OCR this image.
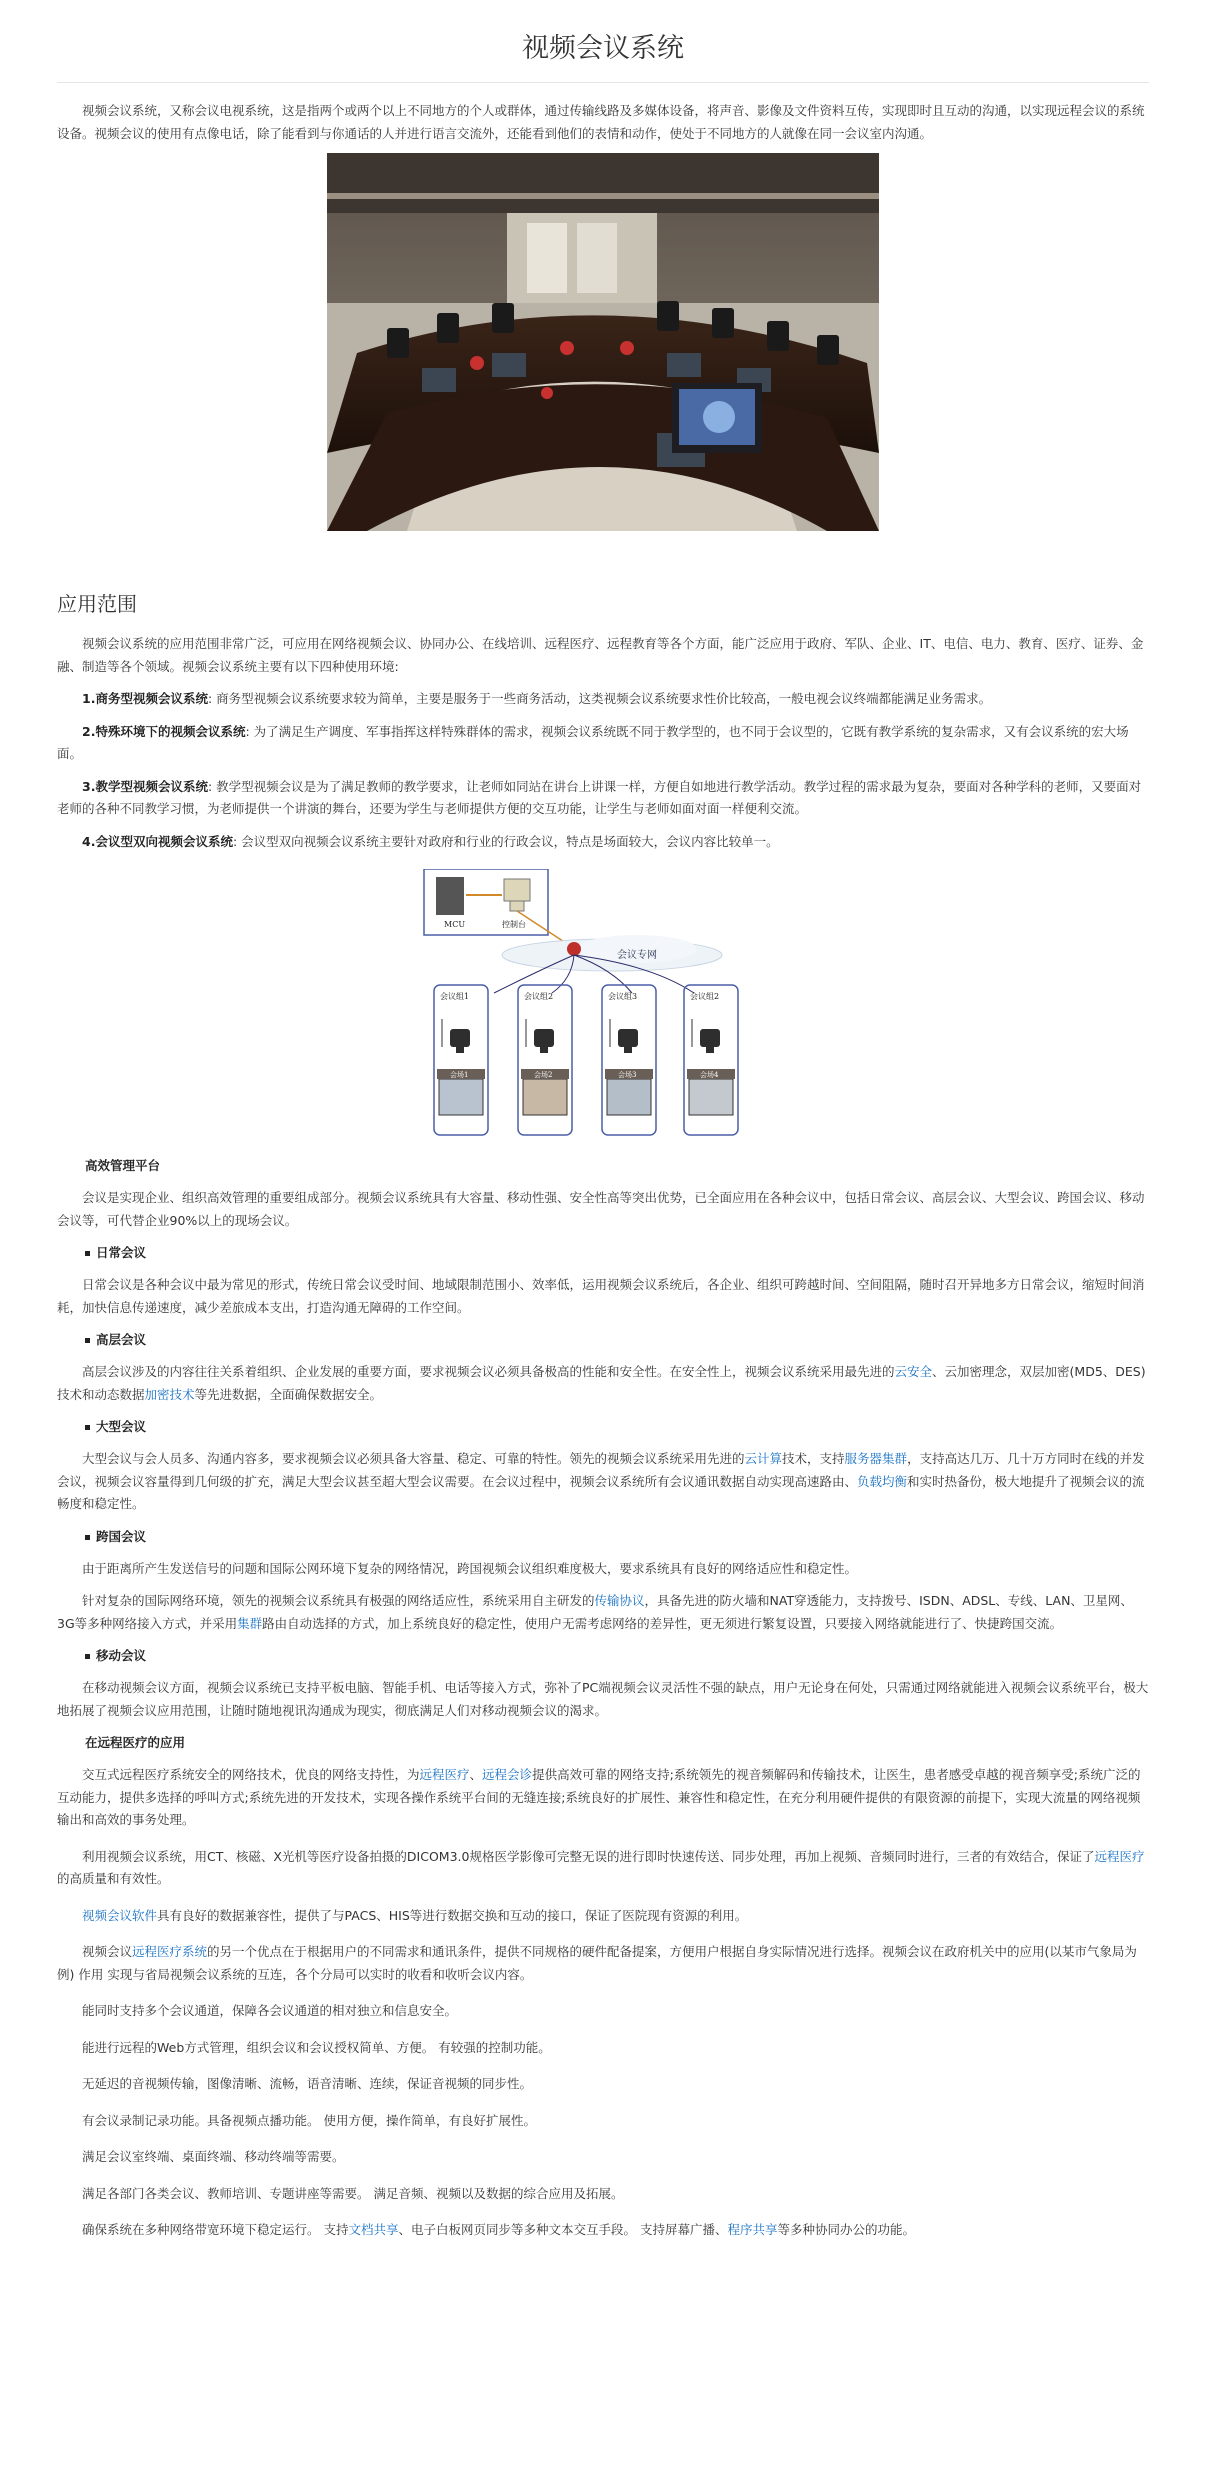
视频会议系统

视频会议系统，又称会议电视系统，这是指两个或两个以上不同地方的个人或群体，通过传输线路及多媒体设备，将声音、影像及文件资料互传，实现即时且互动的沟通，以实现远程会议的系统设备。视频会议的使用有点像电话，除了能看到与你通话的人并进行语言交流外，还能看到他们的表情和动作，使处于不同地方的人就像在同一会议室内沟通。

应用范围

视频会议系统的应用范围非常广泛，可应用在网络视频会议、协同办公、在线培训、远程医疗、远程教育等各个方面，能广泛应用于政府、军队、企业、IT、电信、电力、教育、医疗、证券、金融、制造等各个领域。视频会议系统主要有以下四种使用环境:

1.商务型视频会议系统: 商务型视频会议系统要求较为简单，主要是服务于一些商务活动，这类视频会议系统要求性价比较高，一般电视会议终端都能满足业务需求。

2.特殊环境下的视频会议系统: 为了满足生产调度、军事指挥这样特殊群体的需求，视频会议系统既不同于教学型的，也不同于会议型的，它既有教学系统的复杂需求，又有会议系统的宏大场面。

3.教学型视频会议系统: 教学型视频会议是为了满足教师的教学要求，让老师如同站在讲台上讲课一样，方便自如地进行教学活动。教学过程的需求最为复杂，要面对各种学科的老师，又要面对老师的各种不同教学习惯，为老师提供一个讲演的舞台，还要为学生与老师提供方便的交互功能，让学生与老师如面对面一样便利交流。

4.会议型双向视频会议系统: 会议型双向视频会议系统主要针对政府和行业的行政会议，特点是场面较大，会议内容比较单一。

MCU	控制台
会议专网
会议组1	会议组2	会议组3	会议组2
会场1	会场2	会场3	会场4
高效管理平台

会议是实现企业、组织高效管理的重要组成部分。视频会议系统具有大容量、移动性强、安全性高等突出优势，已全面应用在各种会议中，包括日常会议、高层会议、大型会议、跨国会议、移动会议等，可代替企业90%以上的现场会议。

日常会议

日常会议是各种会议中最为常见的形式，传统日常会议受时间、地域限制范围小、效率低，运用视频会议系统后，各企业、组织可跨越时间、空间阻隔，随时召开异地多方日常会议，缩短时间消耗，加快信息传递速度，减少差旅成本支出，打造沟通无障碍的工作空间。

高层会议

高层会议涉及的内容往往关系着组织、企业发展的重要方面，要求视频会议必须具备极高的性能和安全性。在安全性上，视频会议系统采用最先进的云安全、云加密理念，双层加密(MD5、DES)技术和动态数据加密技术等先进数据，全面确保数据安全。

大型会议

大型会议与会人员多、沟通内容多，要求视频会议必须具备大容量、稳定、可靠的特性。领先的视频会议系统采用先进的云计算技术，支持服务器集群，支持高达几万、几十万方同时在线的并发会议，视频会议容量得到几何级的扩充，满足大型会议甚至超大型会议需要。在会议过程中，视频会议系统所有会议通讯数据自动实现高速路由、负载均衡和实时热备份，极大地提升了视频会议的流畅度和稳定性。

跨国会议

由于距离所产生发送信号的问题和国际公网环境下复杂的网络情况，跨国视频会议组织难度极大，要求系统具有良好的网络适应性和稳定性。

针对复杂的国际网络环境，领先的视频会议系统具有极强的网络适应性，系统采用自主研发的传输协议，具备先进的防火墙和NAT穿透能力，支持拨号、ISDN、ADSL、专线、LAN、卫星网、3G等多种网络接入方式，并采用集群路由自动选择的方式，加上系统良好的稳定性，使用户无需考虑网络的差异性，更无须进行繁复设置，只要接入网络就能进行了、快捷跨国交流。

移动会议

在移动视频会议方面，视频会议系统已支持平板电脑、智能手机、电话等接入方式，弥补了PC端视频会议灵活性不强的缺点，用户无论身在何处，只需通过网络就能进入视频会议系统平台，极大地拓展了视频会议应用范围，让随时随地视讯沟通成为现实，彻底满足人们对移动视频会议的渴求。

在远程医疗的应用

交互式远程医疗系统安全的网络技术，优良的网络支持性，为远程医疗、远程会诊提供高效可靠的网络支持;系统领先的视音频解码和传输技术，让医生，患者感受卓越的视音频享受;系统广泛的互动能力，提供多选择的呼叫方式;系统先进的开发技术，实现各操作系统平台间的无缝连接;系统良好的扩展性、兼容性和稳定性，在充分利用硬件提供的有限资源的前提下，实现大流量的网络视频输出和高效的事务处理。

利用视频会议系统，用CT、核磁、X光机等医疗设备拍摄的DICOM3.0规格医学影像可完整无误的进行即时快速传送、同步处理，再加上视频、音频同时进行，三者的有效结合，保证了远程医疗的高质量和有效性。

视频会议软件具有良好的数据兼容性，提供了与PACS、HIS等进行数据交换和互动的接口，保证了医院现有资源的利用。

视频会议远程医疗系统的另一个优点在于根据用户的不同需求和通讯条件，提供不同规格的硬件配备提案，方便用户根据自身实际情况进行选择。视频会议在政府机关中的应用(以某市气象局为例) 作用 实现与省局视频会议系统的互连，各个分局可以实时的收看和收听会议内容。

能同时支持多个会议通道，保障各会议通道的相对独立和信息安全。

能进行远程的Web方式管理，组织会议和会议授权简单、方便。 有较强的控制功能。

无延迟的音视频传输，图像清晰、流畅，语音清晰、连续，保证音视频的同步性。

有会议录制记录功能。具备视频点播功能。 使用方便，操作简单，有良好扩展性。

满足会议室终端、桌面终端、移动终端等需要。

满足各部门各类会议、教师培训、专题讲座等需要。 满足音频、视频以及数据的综合应用及拓展。

确保系统在多种网络带宽环境下稳定运行。 支持文档共享、电子白板网页同步等多种文本交互手段。 支持屏幕广播、程序共享等多种协同办公的功能。
